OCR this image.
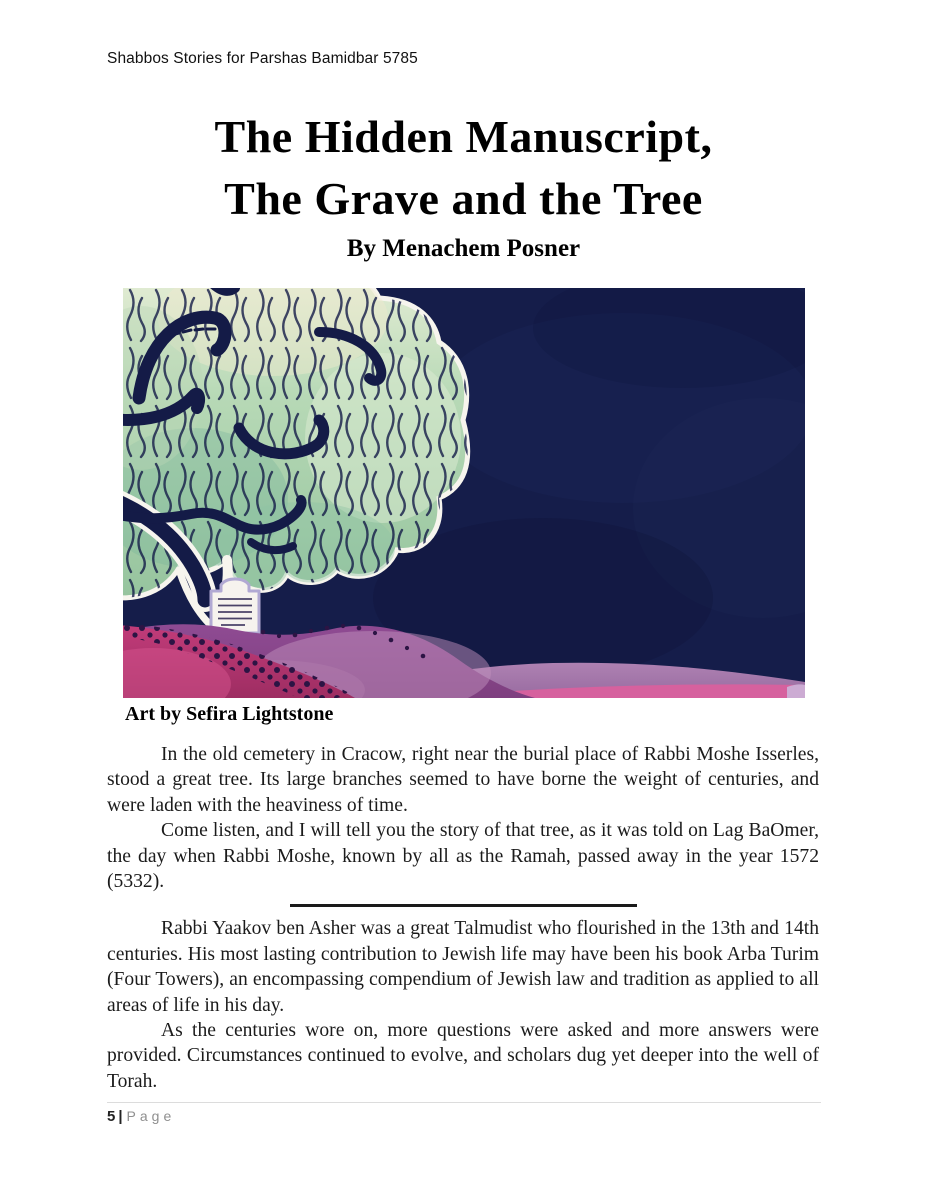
Shabbos Stories for Parshas Bamidbar 5785
The Hidden Manuscript,
The Grave and the Tree
By Menachem Posner
Art by Sefira Lightstone

In the old cemetery in Cracow, right near the burial place of Rabbi Moshe Isserles, stood a great tree. Its large branches seemed to have borne the weight of centuries, and were laden with the heaviness of time.

Come listen, and I will tell you the story of that tree, as it was told on Lag BaOmer, the day when Rabbi Moshe, known by all as the Ramah, passed away in the year 1572 (5332).

Rabbi Yaakov ben Asher was a great Talmudist who flourished in the 13th and 14th centuries. His most lasting contribution to Jewish life may have been his book Arba Turim (Four Towers), an encompassing compendium of Jewish law and tradition as applied to all areas of life in his day.

As the centuries wore on, more questions were asked and more answers were provided. Circumstances continued to evolve, and scholars dug yet deeper into the well of Torah.

5 | Page
